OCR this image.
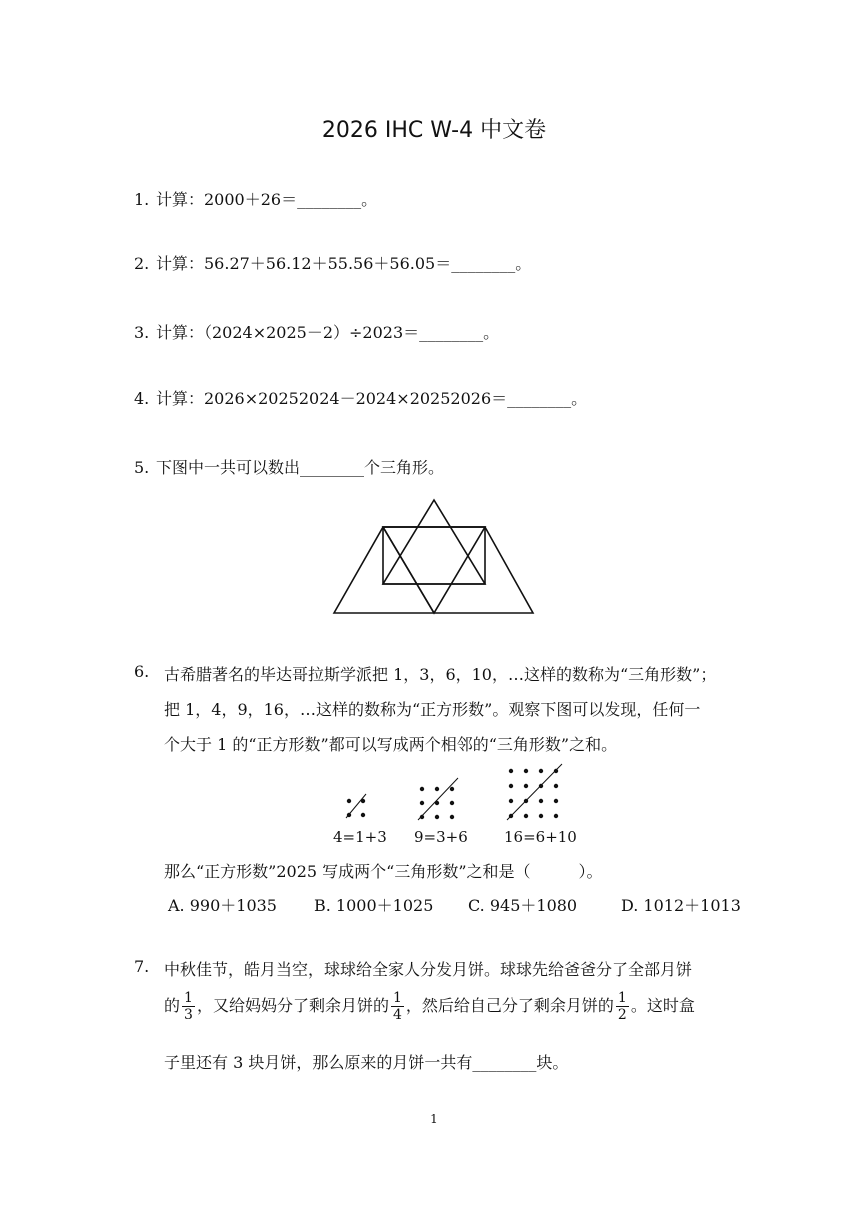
2026 IHC W-4 中文卷
1. 计算：2000＋26＝________。
2. 计算：56.27＋56.12＋55.56＋56.05＝________。
3. 计算：（2024×2025－2）÷2023＝________。
4. 计算：2026×20252024－2024×20252026＝________。
5. 下图中一共可以数出________个三角形。
6. 古希腊著名的毕达哥拉斯学派把 1，3，6，10，…这样的数称为“三角形数”；
把 1，4，9，16，…这样的数称为“正方形数”。观察下图可以发现，任何一
个大于 1 的“正方形数”都可以写成两个相邻的“三角形数”之和。
4=1+3 9=3+6 16=6+10
那么“正方形数”2025 写成两个“三角形数”之和是（　　　）。
A. 990＋1035 B. 1000＋1025 C. 945＋1080	D. 1012＋1013
7. 中秋佳节，皓月当空，球球给全家人分发月饼。球球先给爸爸分了全部月饼
的 $\frac{1}{3}$ ，又给妈妈分了剩余月饼的 $\frac{1}{4}$ ，然后给自己分了剩余月饼的 $\frac{1}{2}$ 。这时盒
子里还有 3 块月饼，那么原来的月饼一共有________块。
1
